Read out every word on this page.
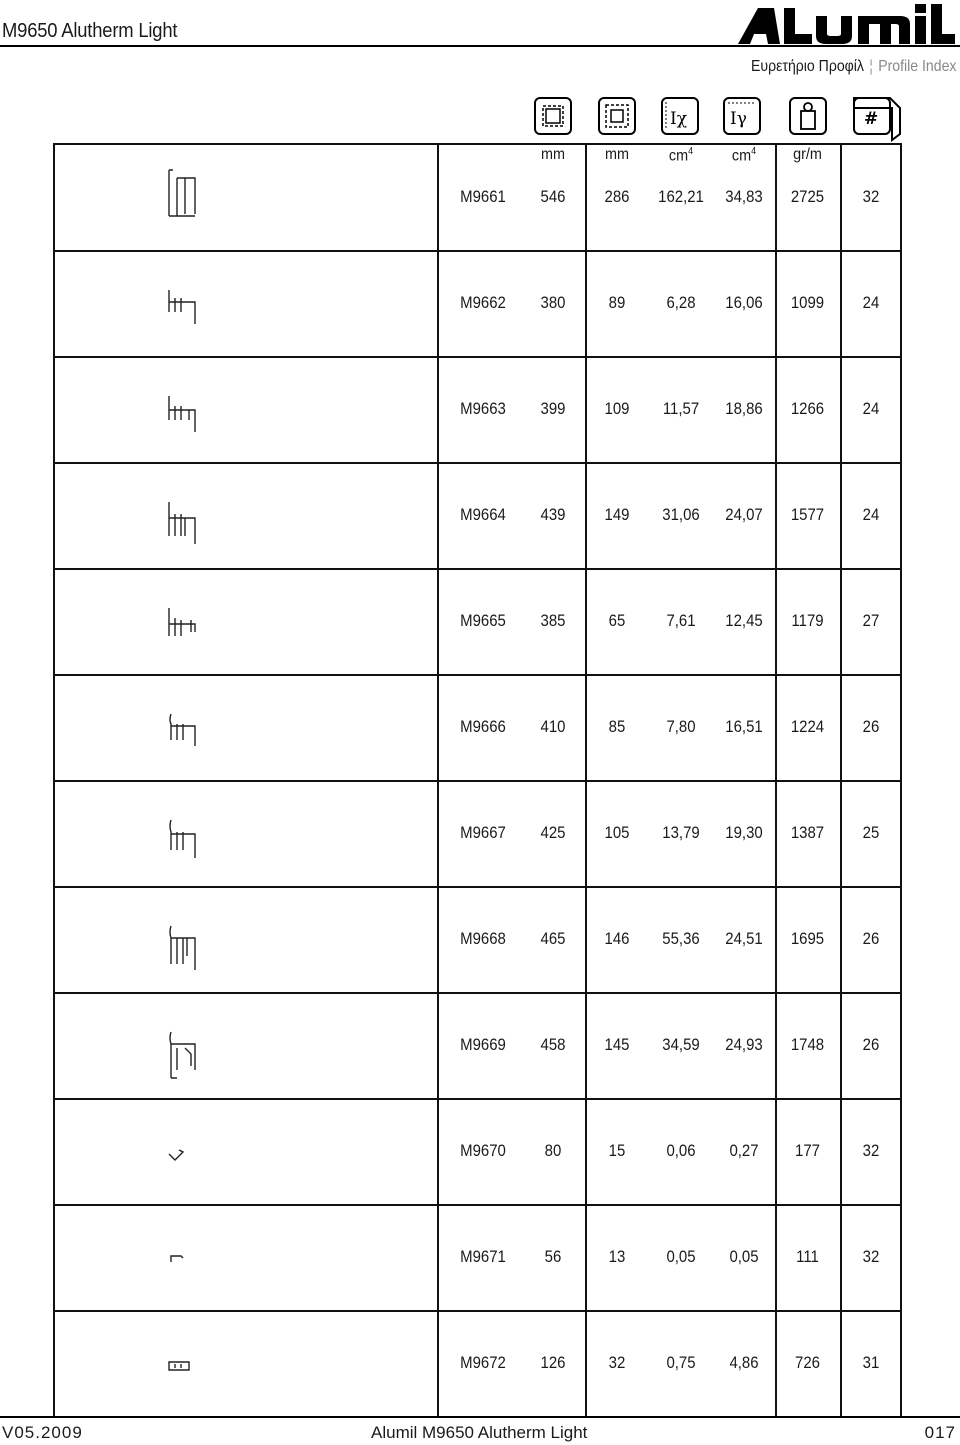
M9650 Alutherm Light
alumil
Ευρετήριο Προφίλ ¦ Profile Index
Iχ	Iγ	#
mm	mm	$cm^4$	$cm^4$	gr/m
M9661	546	286	162,21	34,83	2725	32
M9662	380	89	6,28	16,06	1099	24
M9663	399	109	11,57	18,86	1266	24
M9664	439	149	31,06	24,07	1577	24
M9665	385	65	7,61	12,45	1179	27
M9666	410	85	7,80	16,51	1224	26
M9667	425	105	13,79	19,30	1387	25
M9668	465	146	55,36	24,51	1695	26
M9669	458	145	34,59	24,93	1748	26
M9670	80	15	0,06	0,27	177	32
M9671	56	13	0,05	0,05	111	32
M9672	126	32	0,75	4,86	726	31
V05.2009	Alumil M9650 Alutherm Light	017
